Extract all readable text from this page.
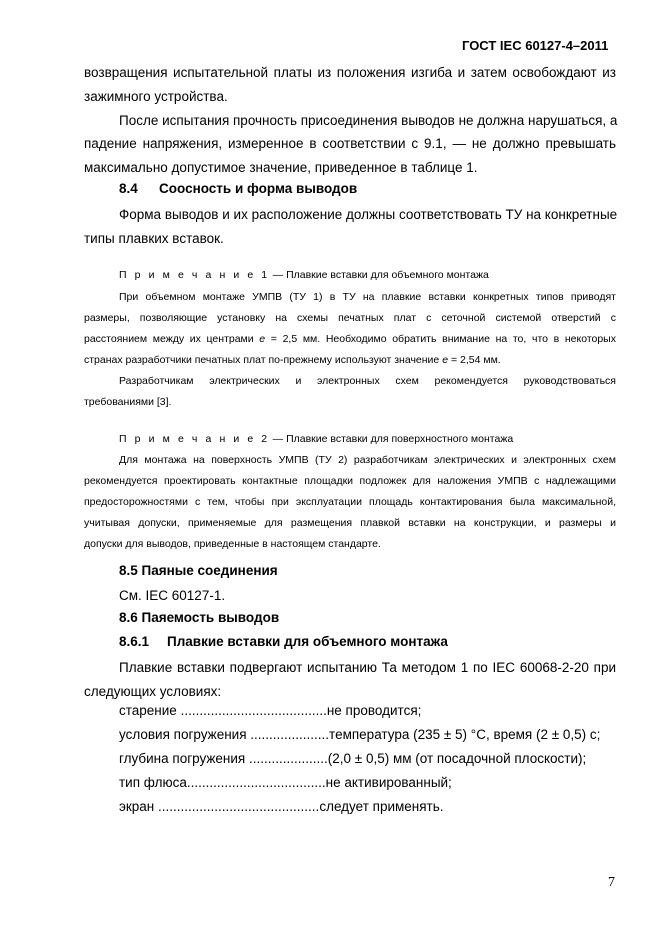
ГОСТ IEC 60127-4–2011
возвращения испытательной платы из положения изгиба и затем освобождают из
зажимного устройства.
После испытания прочность присоединения выводов не должна нарушаться, а
падение напряжения, измеренное в соответствии с 9.1, — не должно превышать
максимально допустимое значение, приведенное в таблице 1.
8.4 Соосность и форма выводов
Форма выводов и их расположение должны соответствовать ТУ на конкретные
типы плавких вставок.
П р и м е ч а н и е 1 — Плавкие вставки для объемного монтажа
При объемном монтаже УМПВ (ТУ 1) в ТУ на плавкие вставки конкретных типов приводят
размеры, позволяющие установку на схемы печатных плат с сеточной системой отверстий с
расстоянием между их центрами е = 2,5 мм. Необходимо обратить внимание на то, что в некоторых
странах разработчики печатных плат по-прежнему используют значение е = 2,54 мм.
Разработчикам электрических и электронных схем рекомендуется руководствоваться
требованиями [3].
П р и м е ч а н и е 2 — Плавкие вставки для поверхностного монтажа
Для монтажа на поверхность УМПВ (ТУ 2) разработчикам электрических и электронных схем
рекомендуется проектировать контактные площадки подложек для наложения УМПВ с надлежащими
предосторожностями с тем, чтобы при эксплуатации площадь контактирования была максимальной,
учитывая допуски, применяемые для размещения плавкой вставки на конструкции, и размеры и
допуски для выводов, приведенные в настоящем стандарте.
8.5 Паяные соединения
См. IEC 60127-1.
8.6 Паяемость выводов
8.6.1 Плавкие вставки для объемного монтажа
Плавкие вставки подвергают испытанию Та методом 1 по IEC 60068-2-20 при
следующих условиях:
старение .......................................не проводится;
условия погружения .....................температура (235 ± 5) °С, время (2 ± 0,5) с;
глубина погружения .....................(2,0 ± 0,5) мм (от посадочной плоскости);
тип флюса.....................................не активированный;
экран ...........................................следует применять.
7
